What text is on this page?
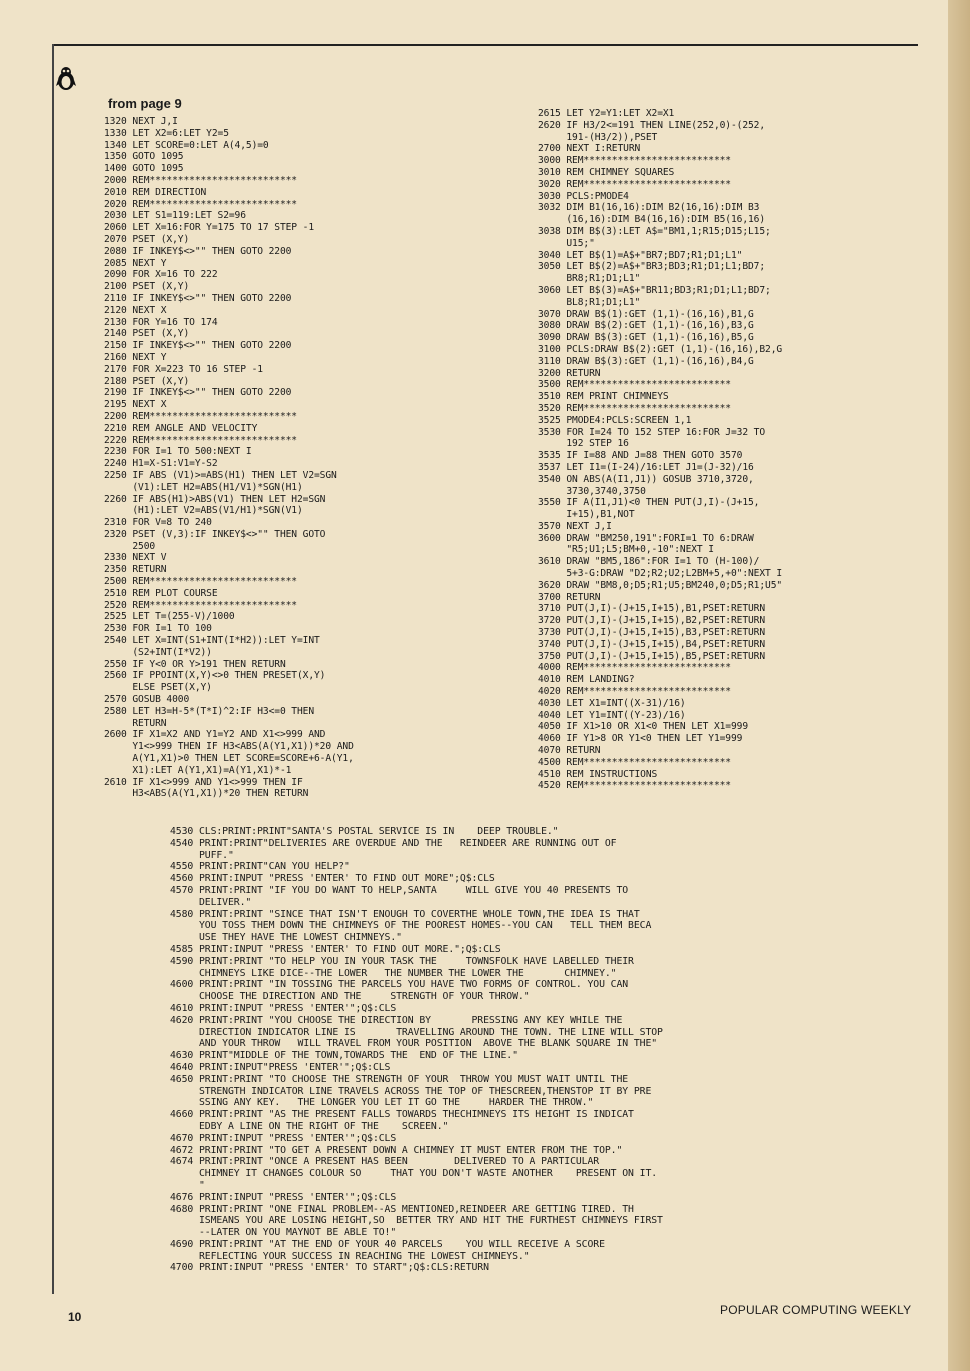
from page 9
1320 NEXT J,I
1330 LET X2=6:LET Y2=5
1340 LET SCORE=0:LET A(4,5)=0
1350 GOTO 1095
1400 GOTO 1095
2000 REM**************************
2010 REM DIRECTION
2020 REM**************************
2030 LET S1=119:LET S2=96
2060 LET X=16:FOR Y=175 TO 17 STEP -1
2070 PSET (X,Y)
2080 IF INKEY$<>"" THEN GOTO 2200
2085 NEXT Y
2090 FOR X=16 TO 222
2100 PSET (X,Y)
2110 IF INKEY$<>"" THEN GOTO 2200
2120 NEXT X
2130 FOR Y=16 TO 174
2140 PSET (X,Y)
2150 IF INKEY$<>"" THEN GOTO 2200
2160 NEXT Y
2170 FOR X=223 TO 16 STEP -1
2180 PSET (X,Y)
2190 IF INKEY$<>"" THEN GOTO 2200
2195 NEXT X
2200 REM**************************
2210 REM ANGLE AND VELOCITY
2220 REM**************************
2230 FOR I=1 TO 500:NEXT I
2240 H1=X-S1:V1=Y-S2
2250 IF ABS (V1)>=ABS(H1) THEN LET V2=SGN
(V1):LET H2=ABS(H1/V1)*SGN(H1)
2260 IF ABS(H1)>ABS(V1) THEN LET H2=SGN
(H1):LET V2=ABS(V1/H1)*SGN(V1)
2310 FOR V=8 TO 240
2320 PSET (V,3):IF INKEY$<>"" THEN GOTO
2500
2330 NEXT V
2350 RETURN
2500 REM**************************
2510 REM PLOT COURSE
2520 REM**************************
2525 LET T=(255-V)/1000
2530 FOR I=1 TO 100
2540 LET X=INT(S1+INT(I*H2)):LET Y=INT
(S2+INT(I*V2))
2550 IF Y<0 OR Y>191 THEN RETURN
2560 IF PPOINT(X,Y)<>0 THEN PRESET(X,Y)
ELSE PSET(X,Y)
2570 GOSUB 4000
2580 LET H3=H-5*(T*I)^2:IF H3<=0 THEN
RETURN
2600 IF X1=X2 AND Y1=Y2 AND X1<>999 AND
Y1<>999 THEN IF H3<ABS(A(Y1,X1))*20 AND
A(Y1,X1)>0 THEN LET SCORE=SCORE+6-A(Y1,
X1):LET A(Y1,X1)=A(Y1,X1)*-1
2610 IF X1<>999 AND Y1<>999 THEN IF
H3<ABS(A(Y1,X1))*20 THEN RETURN
2615 LET Y2=Y1:LET X2=X1
2620 IF H3/2<=191 THEN LINE(252,0)-(252,
191-(H3/2)),PSET
2700 NEXT I:RETURN
3000 REM**************************
3010 REM CHIMNEY SQUARES
3020 REM**************************
3030 PCLS:PMODE4
3032 DIM B1(16,16):DIM B2(16,16):DIM B3
(16,16):DIM B4(16,16):DIM B5(16,16)
3038 DIM B$(3):LET A$="BM1,1;R15;D15;L15;
U15;"
3040 LET B$(1)=A$+"BR7;BD7;R1;D1;L1"
3050 LET B$(2)=A$+"BR3;BD3;R1;D1;L1;BD7;
BR8;R1;D1;L1"
3060 LET B$(3)=A$+"BR11;BD3;R1;D1;L1;BD7;
BL8;R1;D1;L1"
3070 DRAW B$(1):GET (1,1)-(16,16),B1,G
3080 DRAW B$(2):GET (1,1)-(16,16),B3,G
3090 DRAW B$(3):GET (1,1)-(16,16),B5,G
3100 PCLS:DRAW B$(2):GET (1,1)-(16,16),B2,G
3110 DRAW B$(3):GET (1,1)-(16,16),B4,G
3200 RETURN
3500 REM**************************
3510 REM PRINT CHIMNEYS
3520 REM**************************
3525 PMODE4:PCLS:SCREEN 1,1
3530 FOR I=24 TO 152 STEP 16:FOR J=32 TO
192 STEP 16
3535 IF I=88 AND J=88 THEN GOTO 3570
3537 LET I1=(I-24)/16:LET J1=(J-32)/16
3540 ON ABS(A(I1,J1)) GOSUB 3710,3720,
3730,3740,3750
3550 IF A(I1,J1)<0 THEN PUT(J,I)-(J+15,
I+15),B1,NOT
3570 NEXT J,I
3600 DRAW "BM250,191":FORI=1 TO 6:DRAW
"R5;U1;L5;BM+0,-10":NEXT I
3610 DRAW "BM5,186":FOR I=1 TO (H-100)/
5+3-G:DRAW "D2;R2;U2;L2BM+5,+0":NEXT I
3620 DRAW "BM8,0;D5;R1;U5;BM240,0;D5;R1;U5"
3700 RETURN
3710 PUT(J,I)-(J+15,I+15),B1,PSET:RETURN
3720 PUT(J,I)-(J+15,I+15),B2,PSET:RETURN
3730 PUT(J,I)-(J+15,I+15),B3,PSET:RETURN
3740 PUT(J,I)-(J+15,I+15),B4,PSET:RETURN
3750 PUT(J,I)-(J+15,I+15),B5,PSET:RETURN
4000 REM**************************
4010 REM LANDING?
4020 REM**************************
4030 LET X1=INT((X-31)/16)
4040 LET Y1=INT((Y-23)/16)
4050 IF X1>10 OR X1<0 THEN LET X1=999
4060 IF Y1>8 OR Y1<0 THEN LET Y1=999
4070 RETURN
4500 REM**************************
4510 REM INSTRUCTIONS
4520 REM**************************
4530 CLS:PRINT:PRINT"SANTA'S POSTAL SERVICE IS IN    DEEP TROUBLE."
4540 PRINT:PRINT"DELIVERIES ARE OVERDUE AND THE   REINDEER ARE RUNNING OUT OF
PUFF."
4550 PRINT:PRINT"CAN YOU HELP?"
4560 PRINT:INPUT "PRESS 'ENTER' TO FIND OUT MORE";Q$:CLS
4570 PRINT:PRINT "IF YOU DO WANT TO HELP,SANTA     WILL GIVE YOU 40 PRESENTS TO
DELIVER."
4580 PRINT:PRINT "SINCE THAT ISN'T ENOUGH TO COVERTHE WHOLE TOWN,THE IDEA IS THAT
YOU TOSS THEM DOWN THE CHIMNEYS OF THE POOREST HOMES--YOU CAN   TELL THEM BECA
USE THEY HAVE THE LOWEST CHIMNEYS."
4585 PRINT:INPUT "PRESS 'ENTER' TO FIND OUT MORE.";Q$:CLS
4590 PRINT:PRINT "TO HELP YOU IN YOUR TASK THE     TOWNSFOLK HAVE LABELLED THEIR
CHIMNEYS LIKE DICE--THE LOWER   THE NUMBER THE LOWER THE       CHIMNEY."
4600 PRINT:PRINT "IN TOSSING THE PARCELS YOU HAVE TWO FORMS OF CONTROL. YOU CAN
CHOOSE THE DIRECTION AND THE     STRENGTH OF YOUR THROW."
4610 PRINT:INPUT "PRESS 'ENTER'";Q$:CLS
4620 PRINT:PRINT "YOU CHOOSE THE DIRECTION BY       PRESSING ANY KEY WHILE THE
DIRECTION INDICATOR LINE IS       TRAVELLING AROUND THE TOWN. THE LINE WILL STOP
AND YOUR THROW   WILL TRAVEL FROM YOUR POSITION  ABOVE THE BLANK SQUARE IN THE"
4630 PRINT"MIDDLE OF THE TOWN,TOWARDS THE  END OF THE LINE."
4640 PRINT:INPUT"PRESS 'ENTER'";Q$:CLS
4650 PRINT:PRINT "TO CHOOSE THE STRENGTH OF YOUR  THROW YOU MUST WAIT UNTIL THE
STRENGTH INDICATOR LINE TRAVELS ACROSS THE TOP OF THESCREEN,THENSTOP IT BY PRE
SSING ANY KEY.   THE LONGER YOU LET IT GO THE     HARDER THE THROW."
4660 PRINT:PRINT "AS THE PRESENT FALLS TOWARDS THECHIMNEYS ITS HEIGHT IS INDICAT
EDBY A LINE ON THE RIGHT OF THE    SCREEN."
4670 PRINT:INPUT "PRESS 'ENTER'";Q$:CLS
4672 PRINT:PRINT "TO GET A PRESENT DOWN A CHIMNEY IT MUST ENTER FROM THE TOP."
4674 PRINT:PRINT "ONCE A PRESENT HAS BEEN        DELIVERED TO A PARTICULAR
CHIMNEY IT CHANGES COLOUR SO     THAT YOU DON'T WASTE ANOTHER    PRESENT ON IT.
"
4676 PRINT:INPUT "PRESS 'ENTER'";Q$:CLS
4680 PRINT:PRINT "ONE FINAL PROBLEM--AS MENTIONED,REINDEER ARE GETTING TIRED. TH
ISMEANS YOU ARE LOSING HEIGHT,SO  BETTER TRY AND HIT THE FURTHEST CHIMNEYS FIRST
--LATER ON YOU MAYNOT BE ABLE TO!"
4690 PRINT:PRINT "AT THE END OF YOUR 40 PARCELS    YOU WILL RECEIVE A SCORE
REFLECTING YOUR SUCCESS IN REACHING THE LOWEST CHIMNEYS."
4700 PRINT:INPUT "PRESS 'ENTER' TO START";Q$:CLS:RETURN
10	POPULAR COMPUTING WEEKLY
